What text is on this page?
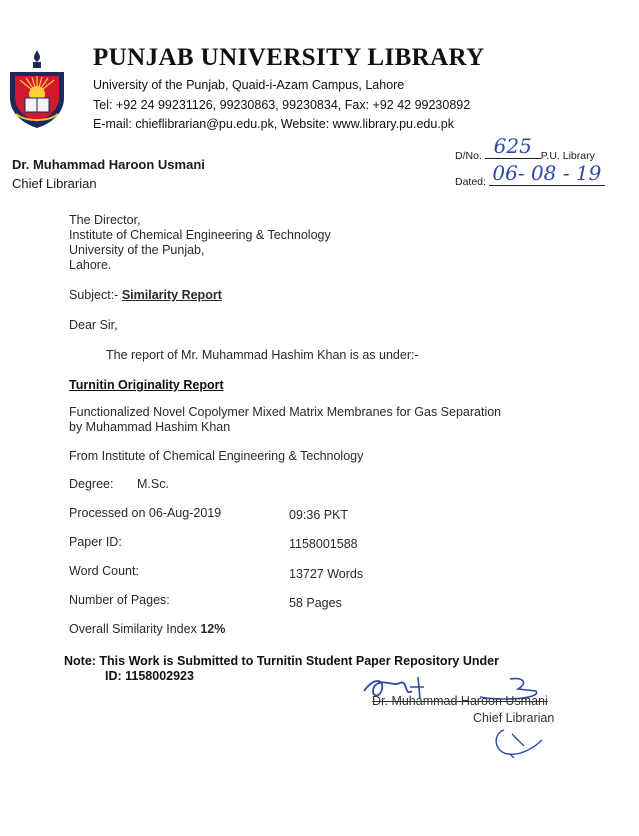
PUNJAB UNIVERSITY LIBRARY
University of the Punjab, Quaid-i-Azam Campus, Lahore
Tel: +92 24 99231126, 99230863, 99230834, Fax: +92 42 99230892
E-mail: chieflibrarian@pu.edu.pk, Website: www.library.pu.edu.pk
Dr. Muhammad Haroon Usmani
Chief Librarian
D/No. 625 P.U. Library
Dated: 06- 08 - 19
The Director,
Institute of Chemical Engineering & Technology
University of the Punjab,
Lahore.
Subject:- Similarity Report
Dear Sir,
The report of Mr. Muhammad Hashim Khan is as under:-
Turnitin Originality Report
Functionalized Novel Copolymer Mixed Matrix Membranes for Gas Separation
by Muhammad Hashim Khan
From Institute of Chemical Engineering & Technology
Degree: M.Sc.
Processed on 06-Aug-2019	09:36 PKT
Paper ID:	1158001588
Word Count:	13727 Words
Number of Pages:	58 Pages
Overall Similarity Index 12%
Note: This Work is Submitted to Turnitin Student Paper Repository Under
ID: 1158002923
Dr. Muhammad Haroon Usmani
Chief Librarian
